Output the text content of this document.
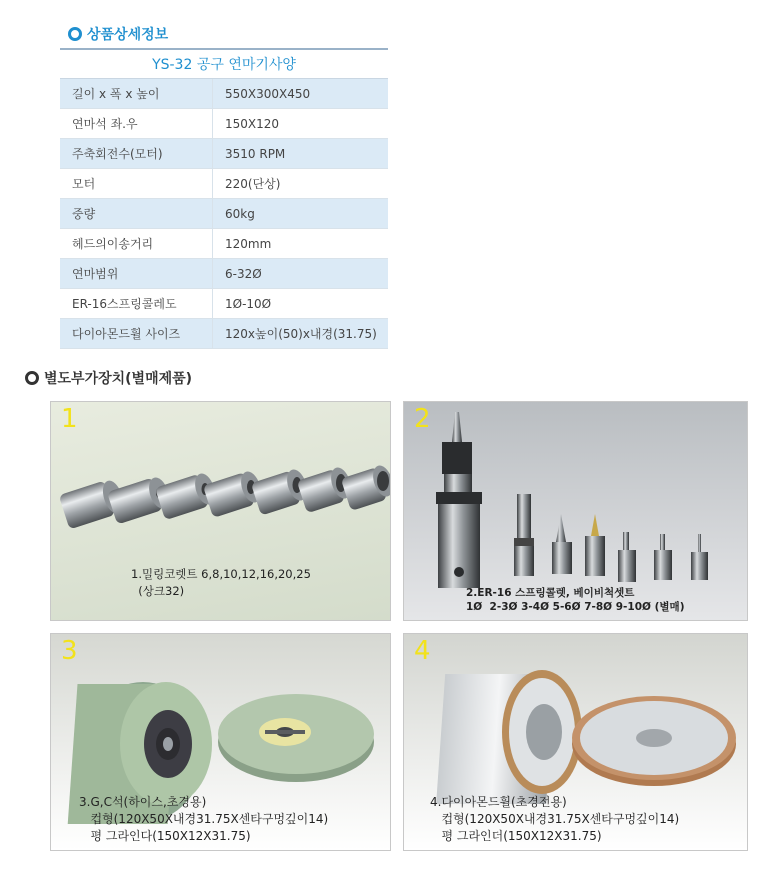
상품상세정보
YS-32 공구 연마기사양	
길이 x 폭 x 높이	550X300X450
연마석 좌.우	150X120
주축회전수(모터)	3510 RPM
모터	220(단상)
중량	60kg
헤드의이송거리	120mm
연마범위	6-32Ø
ER-16스프링콜레도	1Ø-10Ø
다이아몬드휠 사이즈	120x높이(50)x내경(31.75)
별도부가장치(별매제품)
1
1.밀링코렛트 6,8,10,12,16,20,25
(상크32)
2
2.ER-16 스프링콜렛, 베이비척셋트
1Ø  2-3Ø 3-4Ø 5-6Ø 7-8Ø 9-10Ø (별매)
3
3.G,C석(하이스,초경용)
컵형(120X50X내경31.75X센타구멍깊이14)
평 그라인다(150X12X31.75)
4
4.다이아몬드휠(초경전용)
컵형(120X50X내경31.75X센타구멍깊이14)
평 그라인더(150X12X31.75)
